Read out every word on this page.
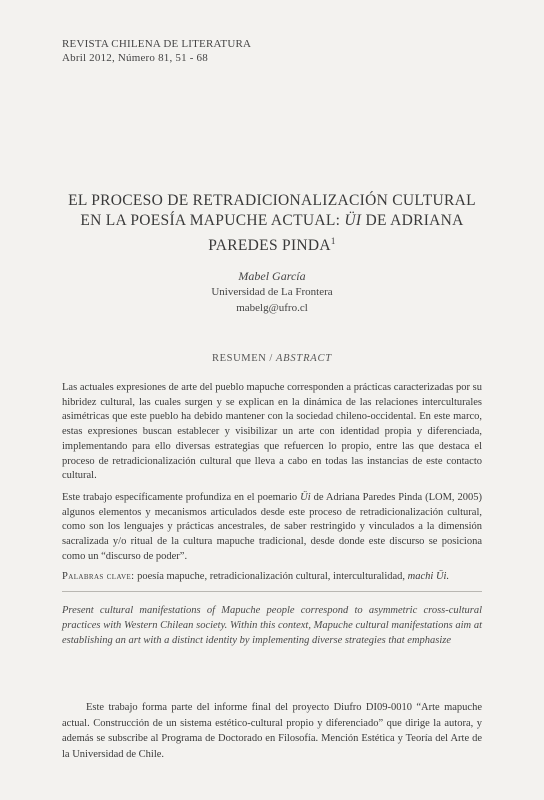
REVISTA CHILENA DE LITERATURA
Abril 2012, Número 81, 51 - 68
EL PROCESO DE RETRADICIONALIZACIÓN CULTURAL
EN LA POESÍA MAPUCHE ACTUAL: ÜI DE ADRIANA
PAREDES PINDA$^1$
Mabel García
Universidad de La Frontera
mabelg@ufro.cl
RESUMEN / ABSTRACT
Las actuales expresiones de arte del pueblo mapuche corresponden a prácticas caracterizadas por su hibridez cultural, las cuales surgen y se explican en la dinámica de las relaciones interculturales asimétricas que este pueblo ha debido mantener con la sociedad chileno-occidental. En este marco, estas expresiones buscan establecer y visibilizar un arte con identidad propia y diferenciada, implementando para ello diversas estrategias que refuercen lo propio, entre las que destaca el proceso de retradicionalización cultural que lleva a cabo en todas las instancias de este contacto cultural.
Este trabajo específicamente profundiza en el poemario Üi de Adriana Paredes Pinda (LOM, 2005) algunos elementos y mecanismos articulados desde este proceso de retradicionalización cultural, como son los lenguajes y prácticas ancestrales, de saber restringido y vinculados a la dimensión sacralizada y/o ritual de la cultura mapuche tradicional, desde donde este discurso se posiciona como un “discurso de poder”.
Palabras clave: poesía mapuche, retradicionalización cultural, interculturalidad, machi Üi.
Present cultural manifestations of Mapuche people correspond to asymmetric cross-cultural practices with Western Chilean society. Within this context, Mapuche cultural manifestations aim at establishing an art with a distinct identity by implementing diverse strategies that emphasize
Este trabajo forma parte del informe final del proyecto Diufro DI09-0010 “Arte mapuche actual. Construcción de un sistema estético-cultural propio y diferenciado” que dirige la autora, y además se subscribe al Programa de Doctorado en Filosofía. Mención Estética y Teoría del Arte de la Universidad de Chile.
